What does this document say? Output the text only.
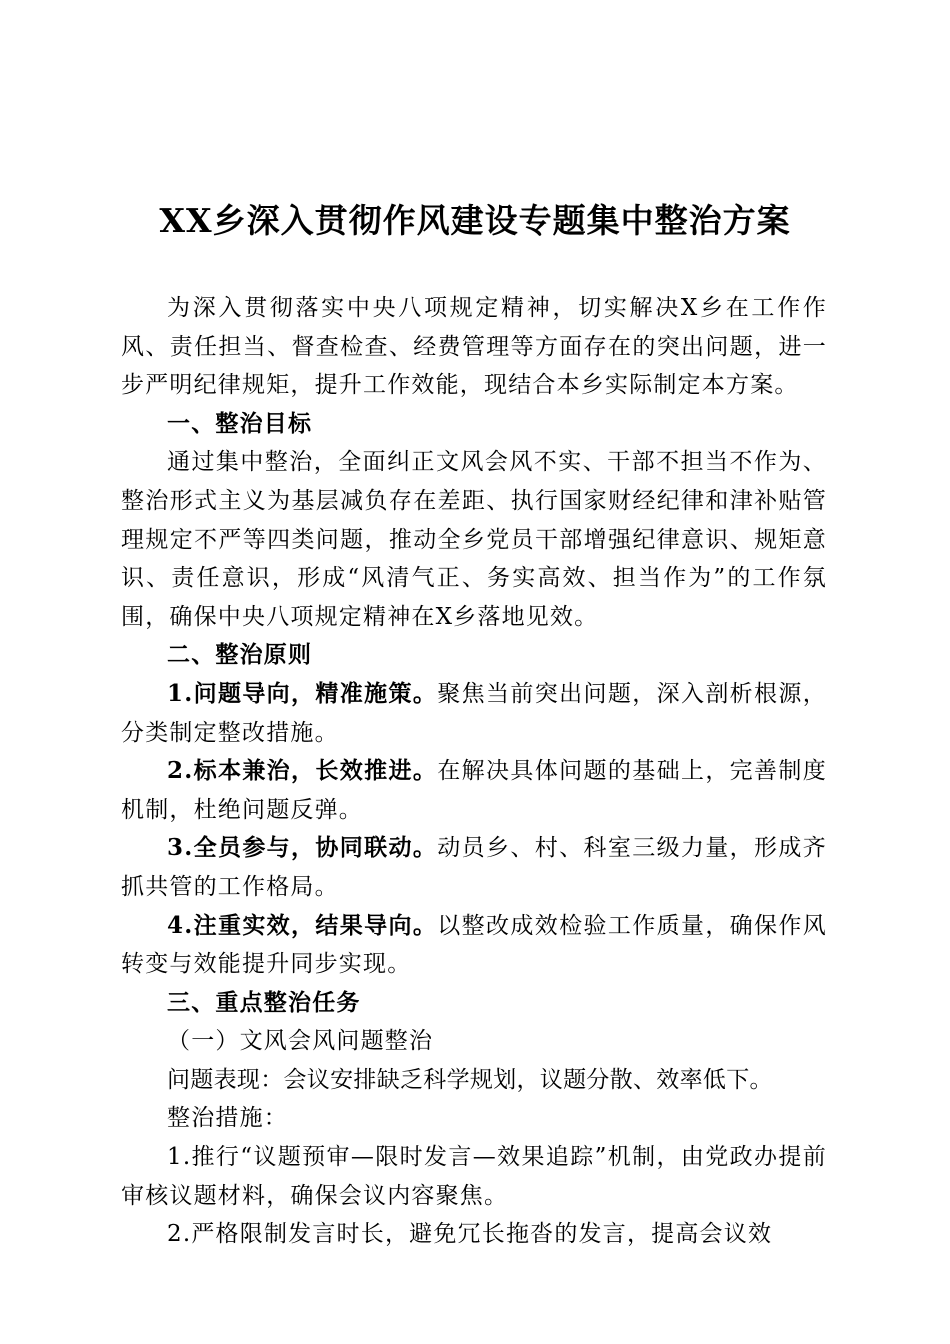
XX乡深入贯彻作风建设专题集中整治方案

为深入贯彻落实中央八项规定精神，切实解决X乡在工作作风、责任担当、督查检查、经费管理等方面存在的突出问题，进一步严明纪律规矩，提升工作效能，现结合本乡实际制定本方案。

一、整治目标

通过集中整治，全面纠正文风会风不实、干部不担当不作为、整治形式主义为基层减负存在差距、执行国家财经纪律和津补贴管理规定不严等四类问题，推动全乡党员干部增强纪律意识、规矩意识、责任意识，形成“风清气正、务实高效、担当作为”的工作氛围，确保中央八项规定精神在X乡落地见效。

二、整治原则

1.问题导向，精准施策。聚焦当前突出问题，深入剖析根源，分类制定整改措施。

2.标本兼治，长效推进。在解决具体问题的基础上，完善制度机制，杜绝问题反弹。

3.全员参与，协同联动。动员乡、村、科室三级力量，形成齐抓共管的工作格局。

4.注重实效，结果导向。以整改成效检验工作质量，确保作风转变与效能提升同步实现。

三、重点整治任务

（一）文风会风问题整治

问题表现：会议安排缺乏科学规划，议题分散、效率低下。

整治措施：

1.推行“议题预审—限时发言—效果追踪”机制，由党政办提前审核议题材料，确保会议内容聚焦。

2.严格限制发言时长，避免冗长拖沓的发言，提高会议效
